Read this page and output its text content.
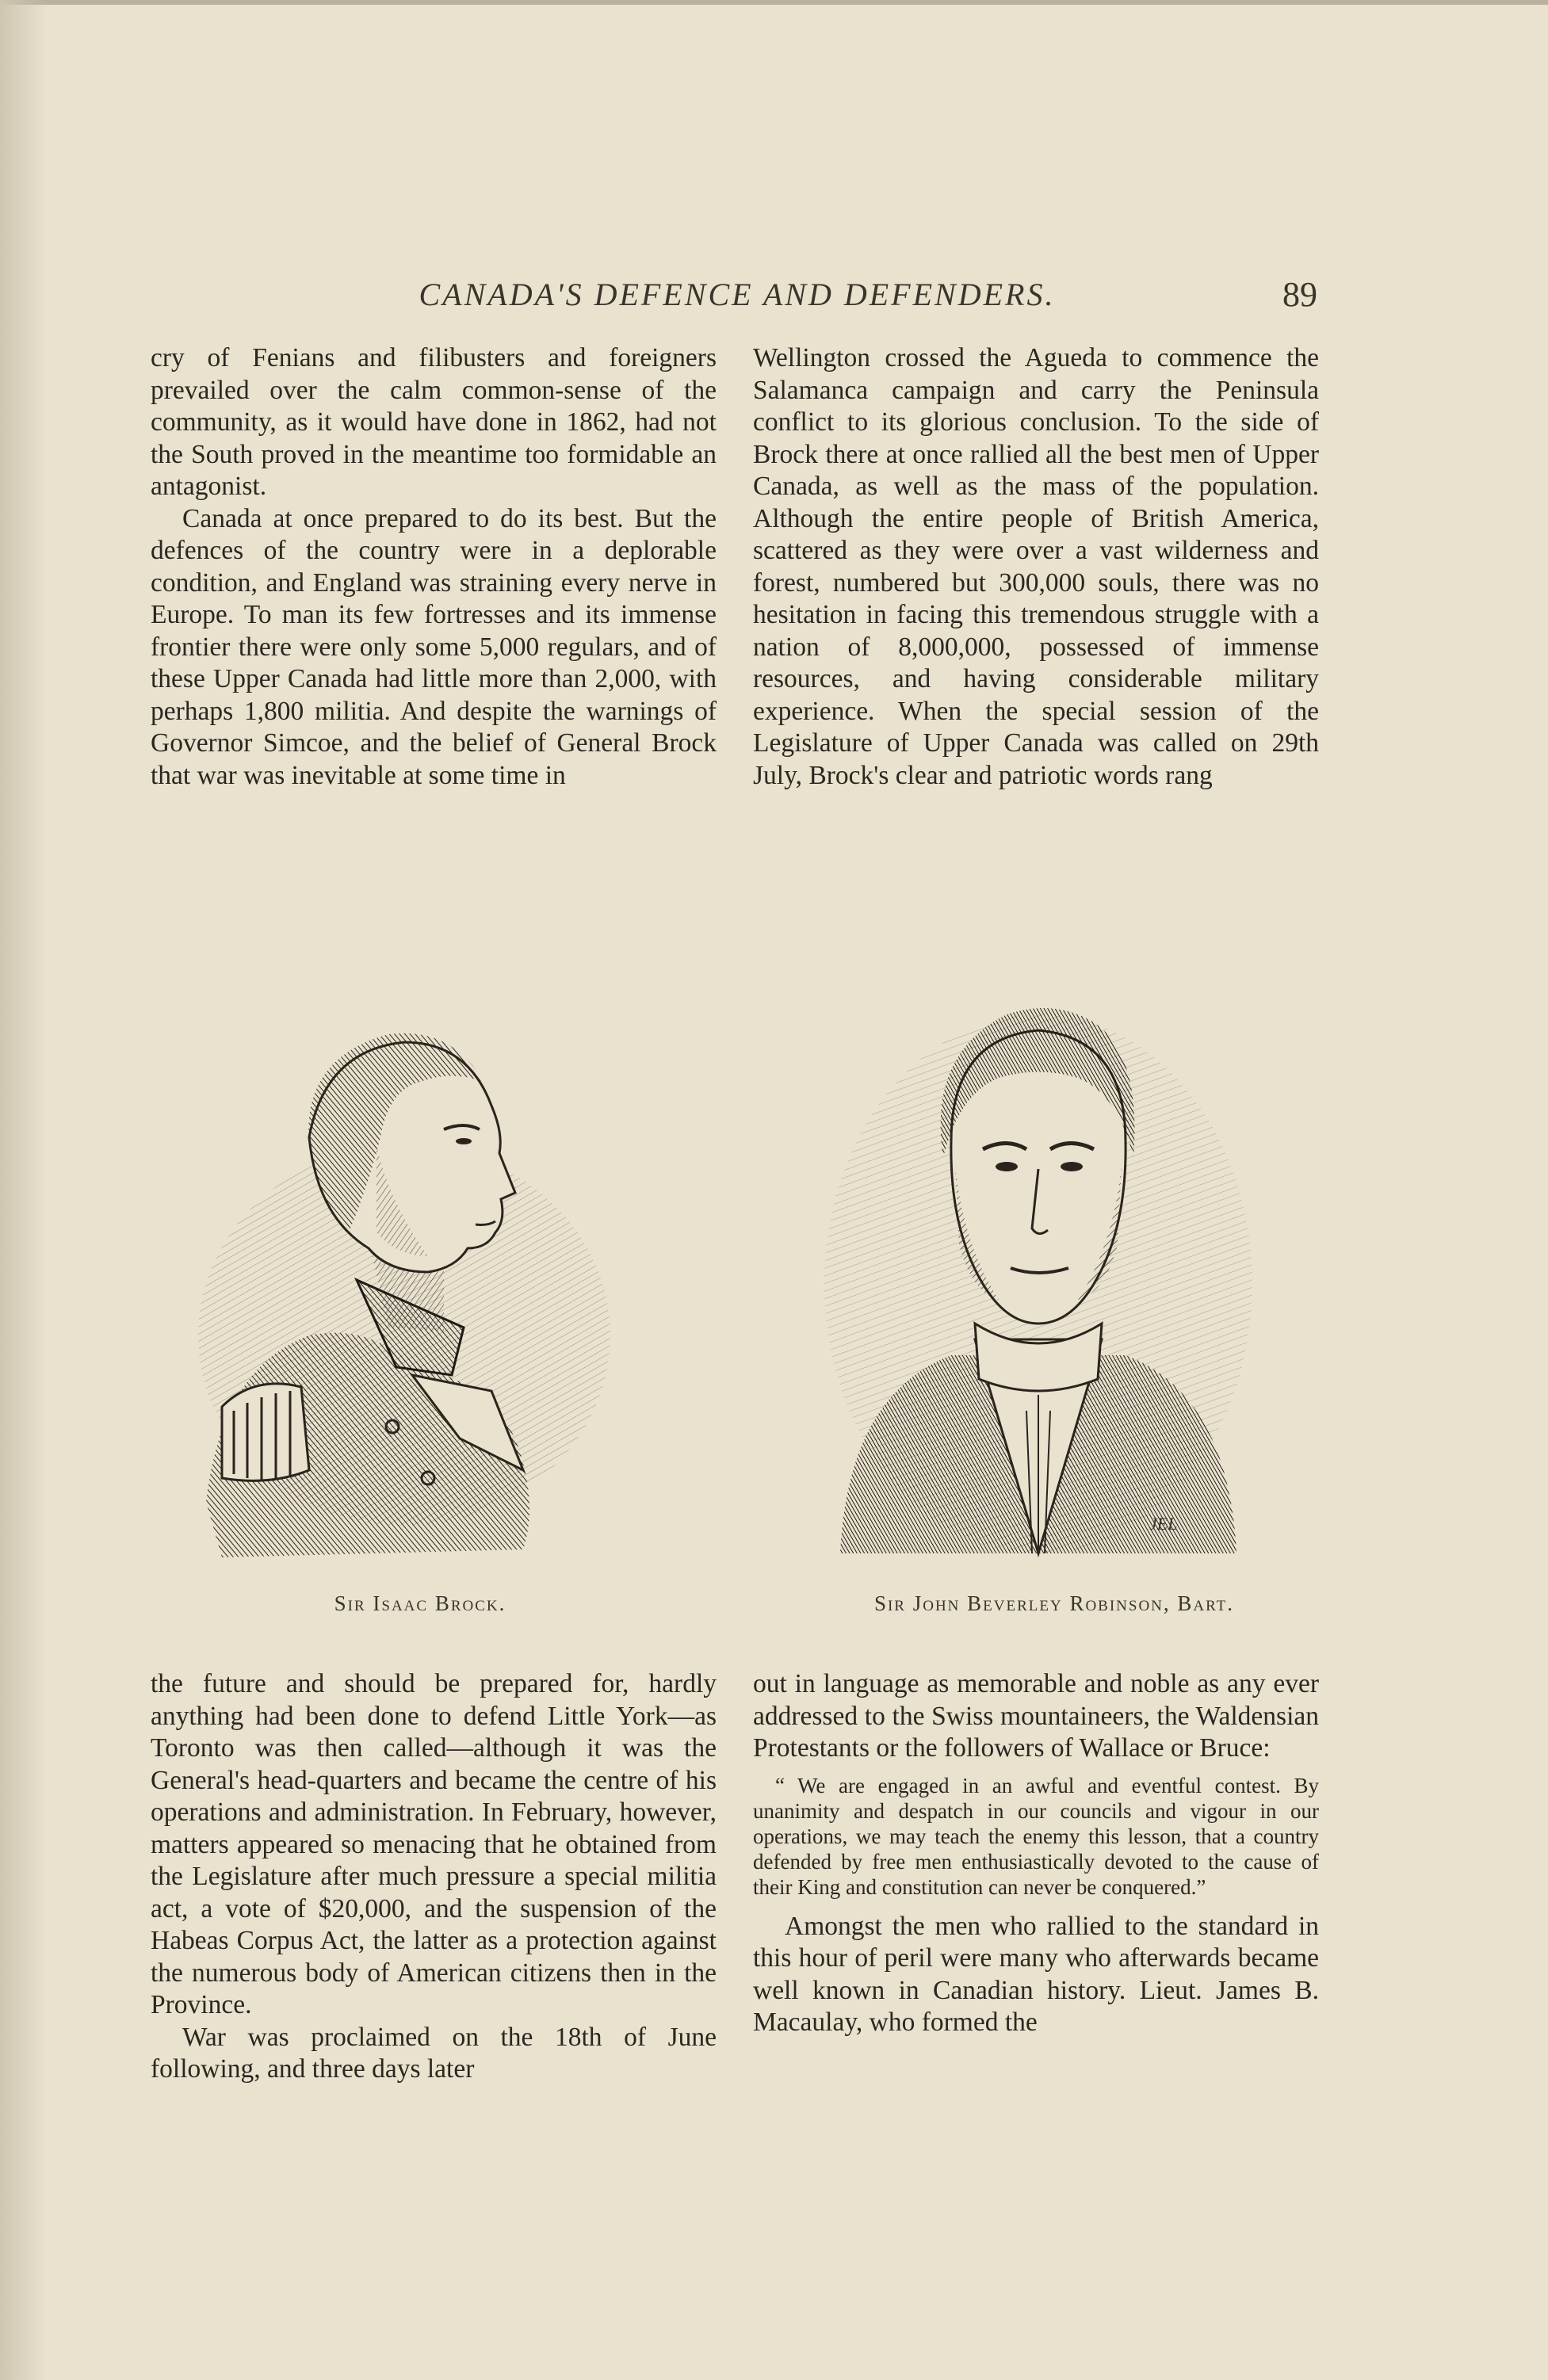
CANADA'S DEFENCE AND DEFENDERS.	89

cry of Fenians and filibusters and foreigners prevailed over the calm common-sense of the community, as it would have done in 1862, had not the South proved in the meantime too formidable an antagonist.

Canada at once prepared to do its best. But the defences of the country were in a deplorable condition, and England was straining every nerve in Europe. To man its few fortresses and its immense frontier there were only some 5,000 regulars, and of these Upper Canada had little more than 2,000, with perhaps 1,800 militia. And despite the warnings of Governor Simcoe, and the belief of General Brock that war was inevitable at some time in

Wellington crossed the Agueda to commence the Salamanca campaign and carry the Peninsula conflict to its glorious conclusion. To the side of Brock there at once rallied all the best men of Upper Canada, as well as the mass of the population. Although the entire people of British America, scattered as they were over a vast wilderness and forest, numbered but 300,000 souls, there was no hesitation in facing this tremendous struggle with a nation of 8,000,000, possessed of immense resources, and having considerable military experience. When the special session of the Legislature of Upper Canada was called on 29th July, Brock's clear and patriotic words rang

JEL
Sir Isaac Brock.	Sir John Beverley Robinson, Bart.

the future and should be prepared for, hardly anything had been done to defend Little York—as Toronto was then called—although it was the General's head-quarters and became the centre of his operations and administration. In February, however, matters appeared so menacing that he obtained from the Legislature after much pressure a special militia act, a vote of $20,000, and the suspension of the Habeas Corpus Act, the latter as a protection against the numerous body of American citizens then in the Province.

War was proclaimed on the 18th of June following, and three days later

out in language as memorable and noble as any ever addressed to the Swiss mountaineers, the Waldensian Protestants or the followers of Wallace or Bruce:

“ We are engaged in an awful and eventful contest. By unanimity and despatch in our councils and vigour in our operations, we may teach the enemy this lesson, that a country defended by free men enthusiastically devoted to the cause of their King and constitution can never be conquered.”

Amongst the men who rallied to the standard in this hour of peril were many who afterwards became well known in Canadian history. Lieut. James B. Macaulay, who formed the
